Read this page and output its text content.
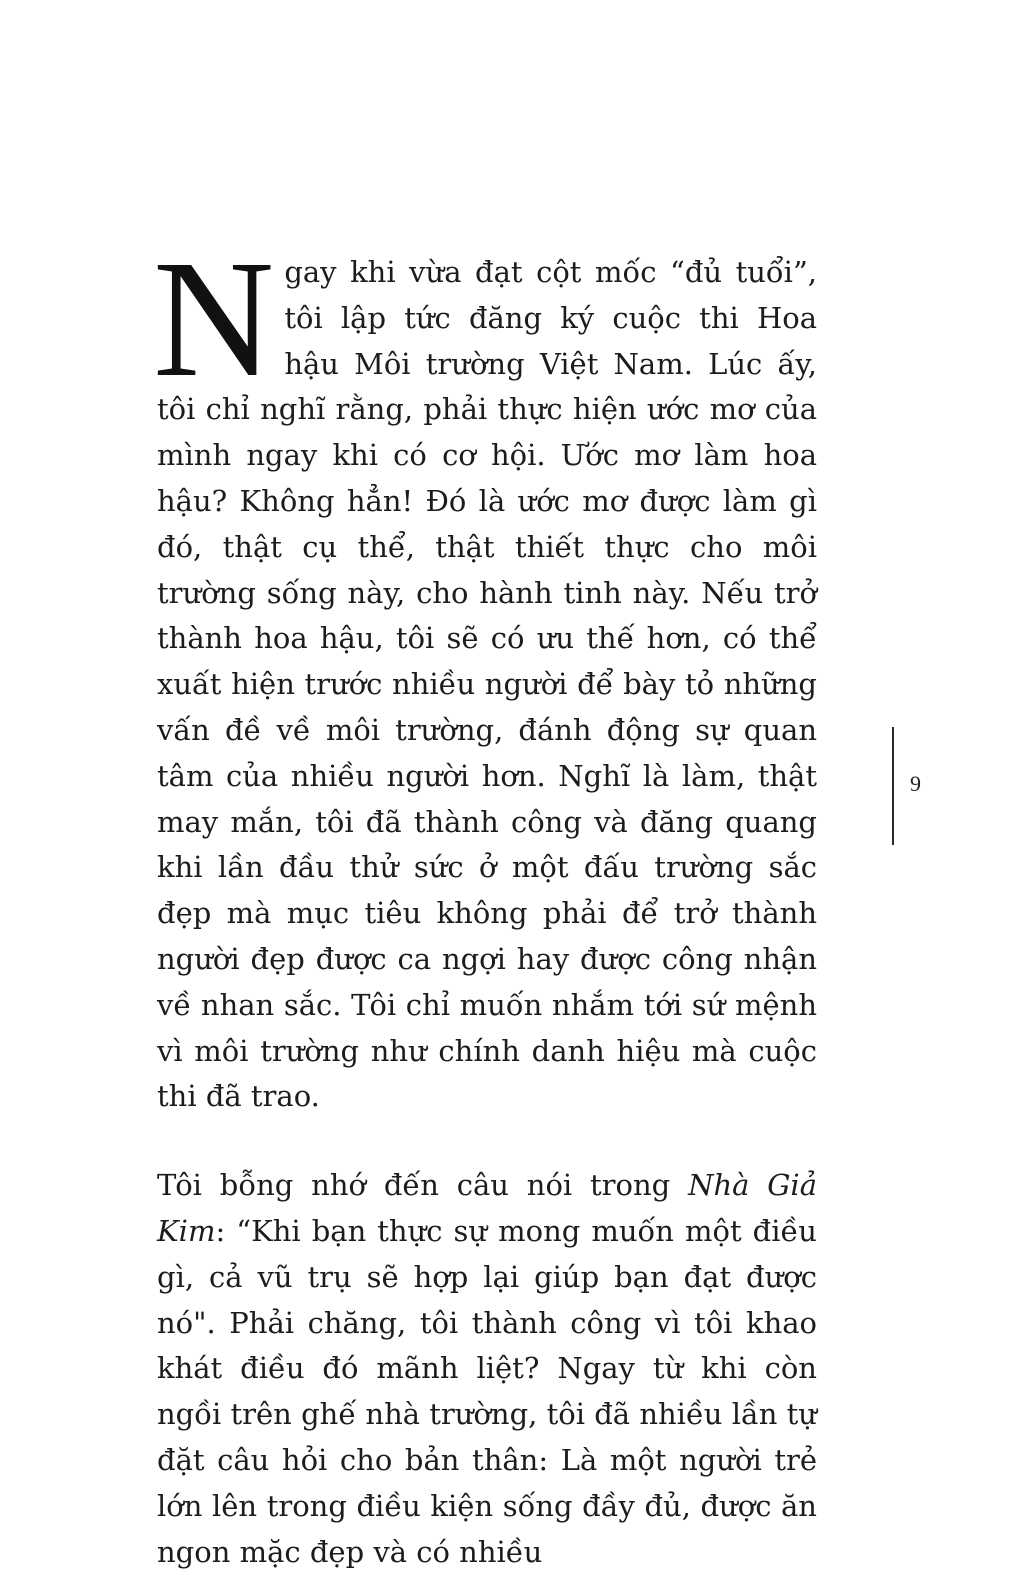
Ngay khi vừa đạt cột mốc “đủ tuổi”, tôi lập tức đăng ký cuộc thi Hoa hậu Môi trường Việt Nam. Lúc ấy, tôi chỉ nghĩ rằng, phải thực hiện ước mơ của mình ngay khi có cơ hội. Ước mơ làm hoa hậu? Không hẳn! Đó là ước mơ được làm gì đó, thật cụ thể, thật thiết thực cho môi trường sống này, cho hành tinh này. Nếu trở thành hoa hậu, tôi sẽ có ưu thế hơn, có thể xuất hiện trước nhiều người để bày tỏ những vấn đề về môi trường, đánh động sự quan tâm của nhiều người hơn. Nghĩ là làm, thật may mắn, tôi đã thành công và đăng quang khi lần đầu thử sức ở một đấu trường sắc đẹp mà mục tiêu không phải để trở thành người đẹp được ca ngợi hay được công nhận về nhan sắc. Tôi chỉ muốn nhắm tới sứ mệnh vì môi trường như chính danh hiệu mà cuộc thi đã trao.

Tôi bỗng nhớ đến câu nói trong Nhà Giả Kim: “Khi bạn thực sự mong muốn một điều gì, cả vũ trụ sẽ hợp lại giúp bạn đạt được nó". Phải chăng, tôi thành công vì tôi khao khát điều đó mãnh liệt? Ngay từ khi còn ngồi trên ghế nhà trường, tôi đã nhiều lần tự đặt câu hỏi cho bản thân: Là một người trẻ lớn lên trong điều kiện sống đầy đủ, được ăn ngon mặc đẹp và có nhiều

9
